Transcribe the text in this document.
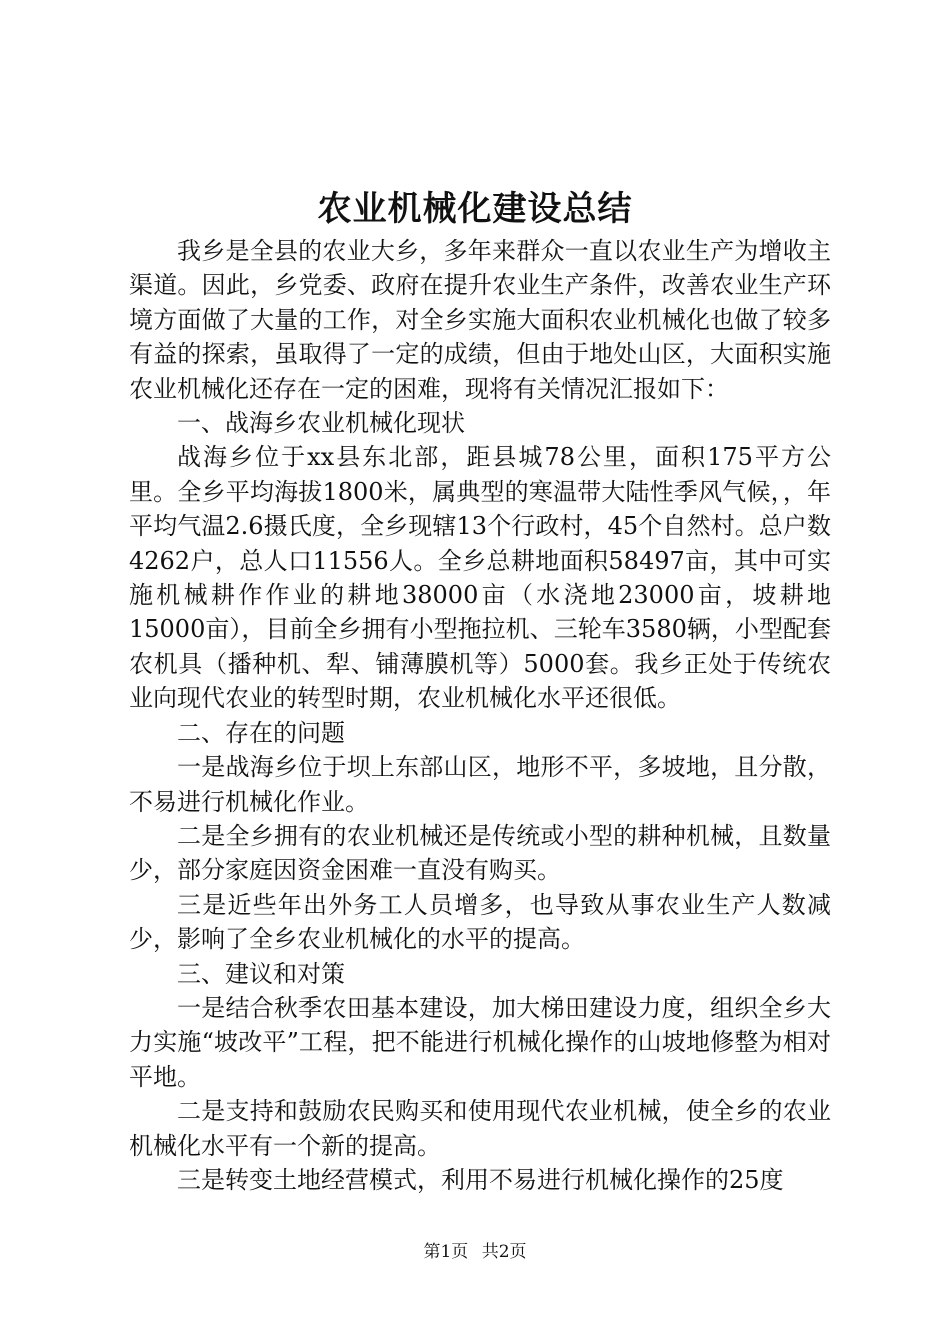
农业机械化建设总结

我乡是全县的农业大乡，多年来群众一直以农业生产为增收主渠道。因此，乡党委、政府在提升农业生产条件，改善农业生产环境方面做了大量的工作，对全乡实施大面积农业机械化也做了较多有益的探索，虽取得了一定的成绩，但由于地处山区，大面积实施农业机械化还存在一定的困难，现将有关情况汇报如下：

一、战海乡农业机械化现状

战海乡位于xx县东北部，距县城78公里，面积175平方公里。全乡平均海拔1800米，属典型的寒温带大陆性季风气候，，年平均气温2.6摄氏度，全乡现辖13个行政村，45个自然村。总户数4262户，总人口11556人。全乡总耕地面积58497亩，其中可实施机械耕作作业的耕地38000亩（水浇地23000亩，坡耕地15000亩），目前全乡拥有小型拖拉机、三轮车3580辆，小型配套农机具（播种机、犁、铺薄膜机等）5000套。我乡正处于传统农业向现代农业的转型时期，农业机械化水平还很低。

二、存在的问题

一是战海乡位于坝上东部山区，地形不平，多坡地，且分散，不易进行机械化作业。

二是全乡拥有的农业机械还是传统或小型的耕种机械，且数量少，部分家庭因资金困难一直没有购买。

三是近些年出外务工人员增多，也导致从事农业生产人数减少，影响了全乡农业机械化的水平的提高。

三、建议和对策

一是结合秋季农田基本建设，加大梯田建设力度，组织全乡大力实施“坡改平”工程，把不能进行机械化操作的山坡地修整为相对平地。

二是支持和鼓励农民购买和使用现代农业机械，使全乡的农业机械化水平有一个新的提高。

三是转变土地经营模式，利用不易进行机械化操作的25度

第1页 共2页
